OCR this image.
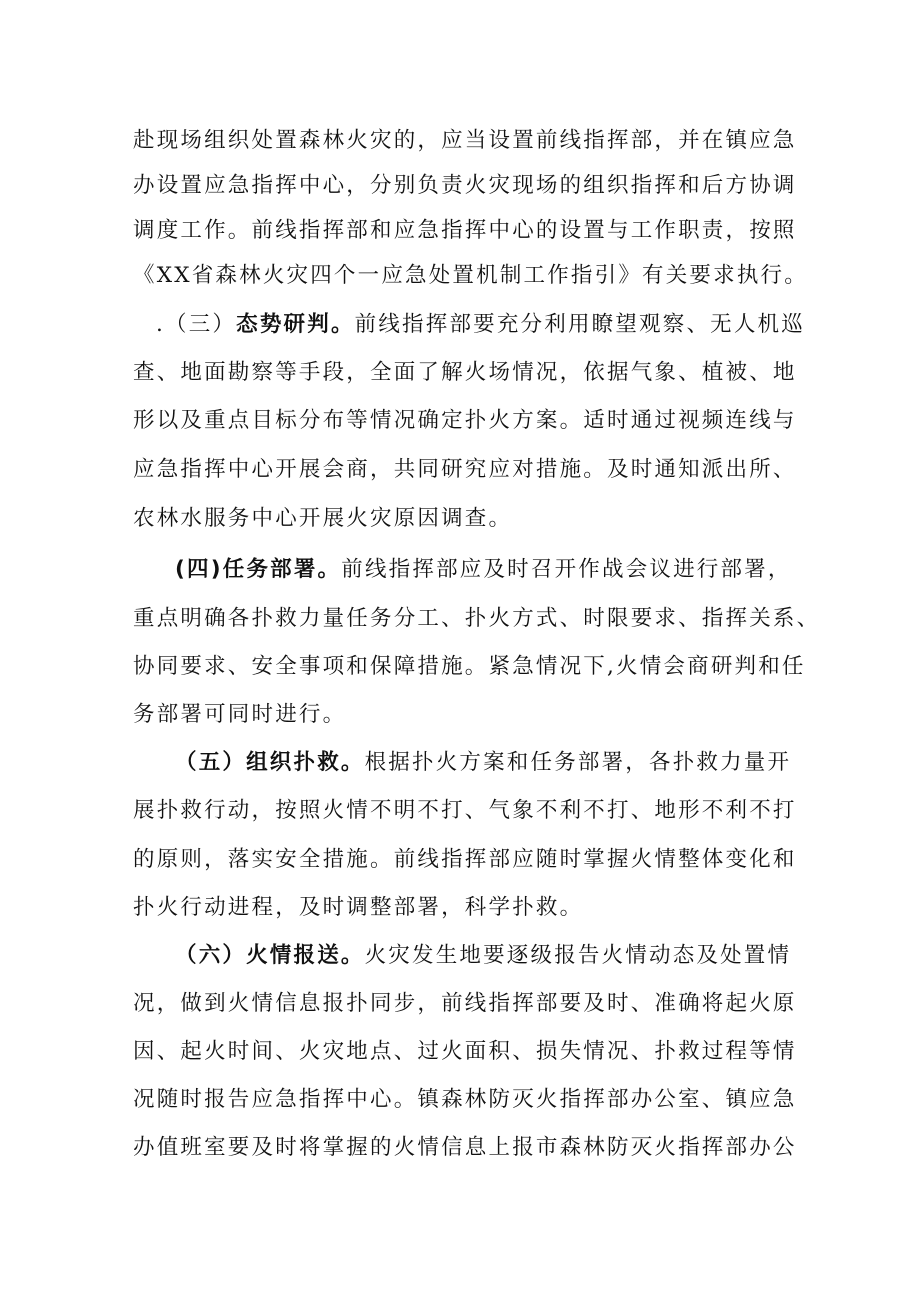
赴现场组织处置森林火灾的，应当设置前线指挥部，并在镇应急
办设置应急指挥中心，分别负责火灾现场的组织指挥和后方协调
调度工作。前线指挥部和应急指挥中心的设置与工作职责，按照
《XX省森林火灾四个一应急处置机制工作指引》有关要求执行。
.（三）态势研判。前线指挥部要充分利用瞭望观察、无人机巡
查、地面勘察等手段，全面了解火场情况，依据气象、植被、地
形以及重点目标分布等情况确定扑火方案。适时通过视频连线与
应急指挥中心开展会商，共同研究应对措施。及时通知派出所、
农林水服务中心开展火灾原因调查。
(四)任务部署。前线指挥部应及时召开作战会议进行部署，
重点明确各扑救力量任务分工、扑火方式、时限要求、指挥关系、
协同要求、安全事项和保障措施。紧急情况下,火情会商研判和任
务部署可同时进行。
（五）组织扑救。根据扑火方案和任务部署，各扑救力量开
展扑救行动，按照火情不明不打、气象不利不打、地形不利不打
的原则，落实安全措施。前线指挥部应随时掌握火情整体变化和
扑火行动进程，及时调整部署，科学扑救。
（六）火情报送。火灾发生地要逐级报告火情动态及处置情
况，做到火情信息报扑同步，前线指挥部要及时、准确将起火原
因、起火时间、火灾地点、过火面积、损失情况、扑救过程等情
况随时报告应急指挥中心。镇森林防灭火指挥部办公室、镇应急
办值班室要及时将掌握的火情信息上报市森林防灭火指挥部办公
